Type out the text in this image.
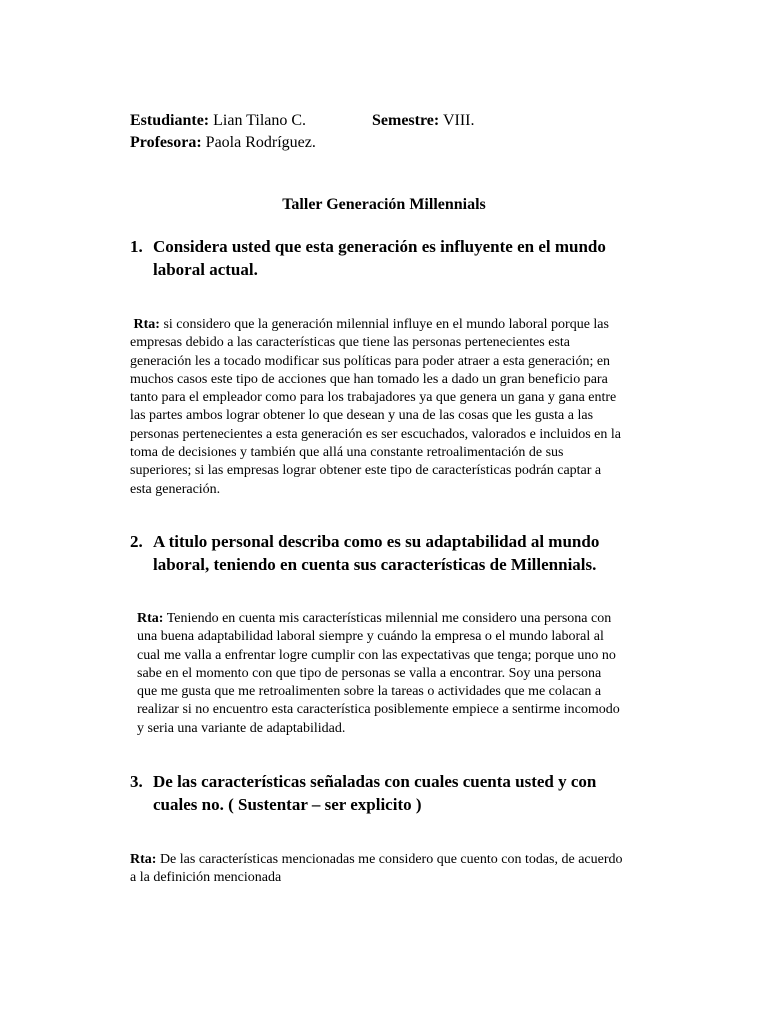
Estudiante: Lian Tilano C.	Semestre: VIII.
Profesora: Paola Rodríguez.
Taller Generación Millennials
1. Considera usted que esta generación es influyente en el mundo laboral actual.
Rta: si considero que la generación milennial influye en el mundo laboral porque las
empresas debido a las características que tiene las personas pertenecientes esta
generación les a tocado modificar sus políticas para poder atraer a esta generación; en
muchos casos este tipo de acciones que han tomado les a dado un gran beneficio para
tanto para el empleador como para los trabajadores ya que genera un gana y gana entre
las partes ambos lograr obtener lo que desean y una de las cosas que les gusta a las
personas pertenecientes a esta generación es ser escuchados, valorados e incluidos en la
toma de decisiones y también que allá una constante retroalimentación de sus
superiores; si las empresas lograr obtener este tipo de características podrán captar a
esta generación.
2. A titulo personal describa como es su adaptabilidad al mundo laboral, teniendo en cuenta sus características de Millennials.
Rta: Teniendo en cuenta mis características milennial me considero una persona con
una buena adaptabilidad laboral siempre y cuándo la empresa o el mundo laboral al
cual me valla a enfrentar logre cumplir con las expectativas que tenga; porque uno no
sabe en el momento con que tipo de personas se valla a encontrar. Soy una persona
que me gusta que me retroalimenten sobre la tareas o actividades que me colacan a
realizar si no encuentro esta característica posiblemente empiece a sentirme incomodo
y seria una variante de adaptabilidad.
3. De las características señaladas con cuales cuenta usted y con cuales no. ( Sustentar – ser explicito )
Rta: De las características mencionadas me considero que cuento con todas, de acuerdo
a la definición mencionada
